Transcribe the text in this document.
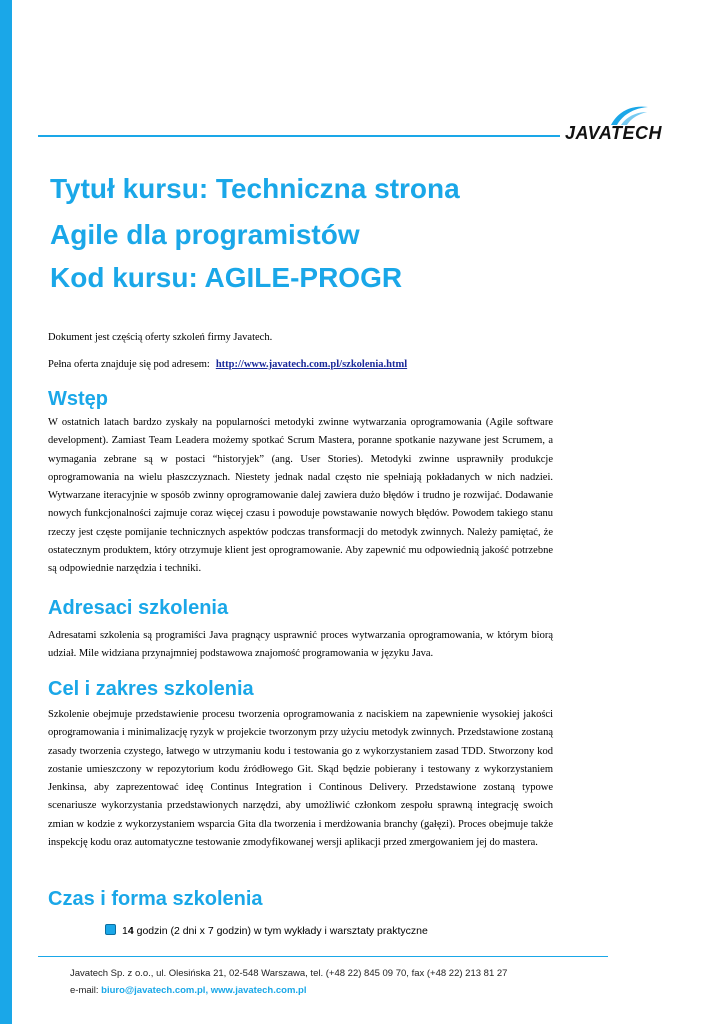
JAVATECH
Tytuł kursu: Techniczna strona
Agile dla programistów
Kod kursu: AGILE-PROGR

Dokument jest częścią oferty szkoleń firmy Javatech.

Pełna oferta znajduje się pod adresem: http://www.javatech.com.pl/szkolenia.html

Wstęp

W ostatnich latach bardzo zyskały na popularności metodyki zwinne wytwarzania oprogramowania (Agile software development). Zamiast Team Leadera możemy spotkać Scrum Mastera, poranne spotkanie nazywane jest Scrumem, a wymagania zebrane są w postaci “historyjek” (ang. User Stories). Metodyki zwinne usprawniły produkcje oprogramowania na wielu płaszczyznach. Niestety jednak nadal często nie spełniają pokładanych w nich nadziei. Wytwarzane iteracyjnie w sposób zwinny oprogramowanie dalej zawiera dużo błędów i trudno je rozwijać. Dodawanie nowych funkcjonalności zajmuje coraz więcej czasu i powoduje powstawanie nowych błędów. Powodem takiego stanu rzeczy jest częste pomijanie technicznych aspektów podczas transformacji do metodyk zwinnych. Należy pamiętać, że ostatecznym produktem, który otrzymuje klient jest oprogramowanie. Aby zapewnić mu odpowiednią jakość potrzebne są odpowiednie narzędzia i techniki.

Adresaci szkolenia

Adresatami szkolenia są programiści Java pragnący usprawnić proces wytwarzania oprogramowania, w którym biorą udział. Mile widziana przynajmniej podstawowa znajomość programowania w języku Java.

Cel i zakres szkolenia

Szkolenie obejmuje przedstawienie procesu tworzenia oprogramowania z naciskiem na zapewnienie wysokiej jakości oprogramowania i minimalizację ryzyk w projekcie tworzonym przy użyciu metodyk zwinnych. Przedstawione zostaną zasady tworzenia czystego, łatwego w utrzymaniu kodu i testowania go z wykorzystaniem zasad TDD. Stworzony kod zostanie umieszczony w repozytorium kodu źródłowego Git. Skąd będzie pobierany i testowany z wykorzystaniem Jenkinsa, aby zaprezentować ideę Continus Integration i Continous Delivery. Przedstawione zostaną typowe scenariusze wykorzystania przedstawionych narzędzi, aby umożliwić członkom zespołu sprawną integrację swoich zmian w kodzie z wykorzystaniem wsparcia Gita dla tworzenia i merdżowania branchy (gałęzi). Proces obejmuje także inspekcję kodu oraz automatyczne testowanie zmodyfikowanej wersji aplikacji przed zmergowaniem jej do mastera.

Czas i forma szkolenia
14 godzin (2 dni x 7 godzin) w tym wykłady i warsztaty praktyczne

Javatech Sp. z o.o., ul. Olesińska 21, 02-548 Warszawa, tel. (+48 22) 845 09 70, fax (+48 22) 213 81 27

e-mail: biuro@javatech.com.pl, www.javatech.com.pl
